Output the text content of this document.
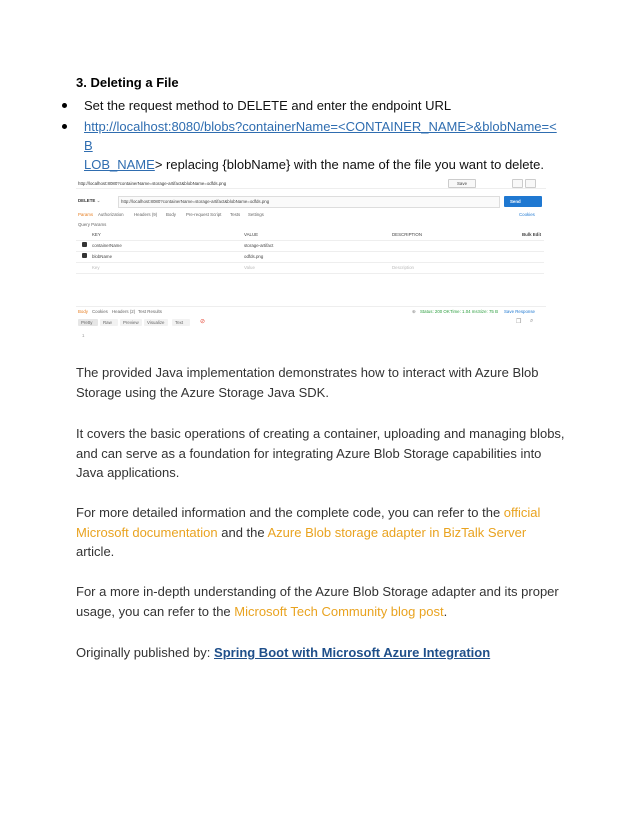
3. Deleting a File
Set the request method to DELETE and enter the endpoint URL
http://localhost:8080/blobs?containerName=<CONTAINER_NAME>&blobName=<B
LOB_NAME> replacing {blobName} with the name of the file you want to delete.
http://localhost:8080?containerName=storage-artifact&blobName=odfds.png	Save
DELETE ⌄	http://localhost:8080?containerName=storage-artifact&blobName=odfds.png	Send
Params Authorization Headers (9) Body Pre-request Script Tests Settings	Cookies
Query Params
KEY	VALUE	DESCRIPTION	Bulk Edit
containerName	storage-artifact
blobName	odfds.png
Key	Value	Description
Body Cookies Headers (2) Test Results	⊕ Status: 200 OK Time: 1.04 ms Size: 75 B Save Response
Pretty Raw	Preview Visualize Text	⊘	❐ ⌕
1
The provided Java implementation demonstrates how to interact with Azure Blob Storage using the Azure Storage Java SDK.
It covers the basic operations of creating a container, uploading and managing blobs, and can serve as a foundation for integrating Azure Blob Storage capabilities into Java applications.
For more detailed information and the complete code, you can refer to the official Microsoft documentation and the Azure Blob storage adapter in BizTalk Server article.
For a more in-depth understanding of the Azure Blob Storage adapter and its proper usage, you can refer to the Microsoft Tech Community blog post.
Originally published by: Spring Boot with Microsoft Azure Integration
